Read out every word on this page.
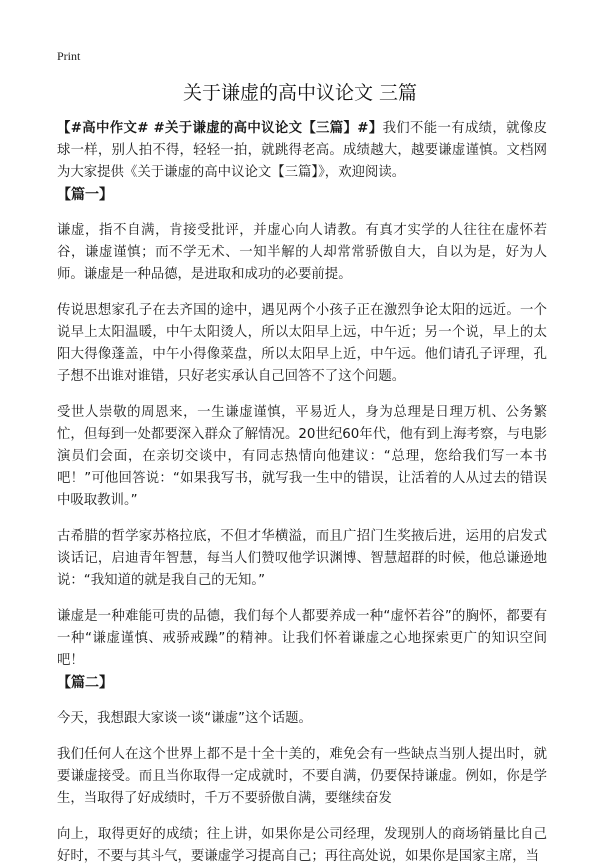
Print
关于谦虚的高中议论文 三篇

【#高中作文# #关于谦虚的高中议论文【三篇】#】我们不能一有成绩，就像皮球一样，别人拍不得，轻轻一拍，就跳得老高。成绩越大，越要谦虚谨慎。文档网为大家提供《关于谦虚的高中议论文【三篇】》，欢迎阅读。

【篇一】

谦虚，指不自满，肯接受批评，并虚心向人请教。有真才实学的人往往在虚怀若谷，谦虚谨慎；而不学无术、一知半解的人却常常骄傲自大，自以为是，好为人师。谦虚是一种品德，是进取和成功的必要前提。

传说思想家孔子在去齐国的途中，遇见两个小孩子正在激烈争论太阳的远近。一个说早上太阳温暖，中午太阳烫人，所以太阳早上远，中午近；另一个说，早上的太阳大得像蓬盖，中午小得像菜盘，所以太阳早上近，中午远。他们请孔子评理，孔子想不出谁对谁错，只好老实承认自己回答不了这个问题。

受世人崇敬的周恩来，一生谦虚谨慎，平易近人，身为总理是日理万机、公务繁忙，但每到一处都要深入群众了解情况。20世纪60年代，他有到上海考察，与电影演员们会面，在亲切交谈中，有同志热情向他建议：“总理，您给我们写一本书吧！”可他回答说：“如果我写书，就写我一生中的错误，让活着的人从过去的错误中吸取教训。”

古希腊的哲学家苏格拉底，不但才华横溢，而且广招门生奖掖后进，运用的启发式谈话记，启迪青年智慧，每当人们赞叹他学识渊博、智慧超群的时候，他总谦逊地说：“我知道的就是我自己的无知。”

谦虚是一种难能可贵的品德，我们每个人都要养成一种“虚怀若谷”的胸怀，都要有一种“谦虚谨慎、戒骄戒躁”的精神。让我们怀着谦虚之心地探索更广的知识空间吧！

【篇二】

今天，我想跟大家谈一谈“谦虚”这个话题。

我们任何人在这个世界上都不是十全十美的，难免会有一些缺点当别人提出时，就要谦虚接受。而且当你取得一定成就时，不要自满，仍要保持谦虚。例如，你是学生，当取得了好成绩时，千万不要骄傲自满，要继续奋发

向上，取得更好的成绩；往上讲，如果你是公司经理，发现别人的商场销量比自己好时，不要与其斗气，要谦虚学习提高自己；再往高处说，如果你是国家主席，当
